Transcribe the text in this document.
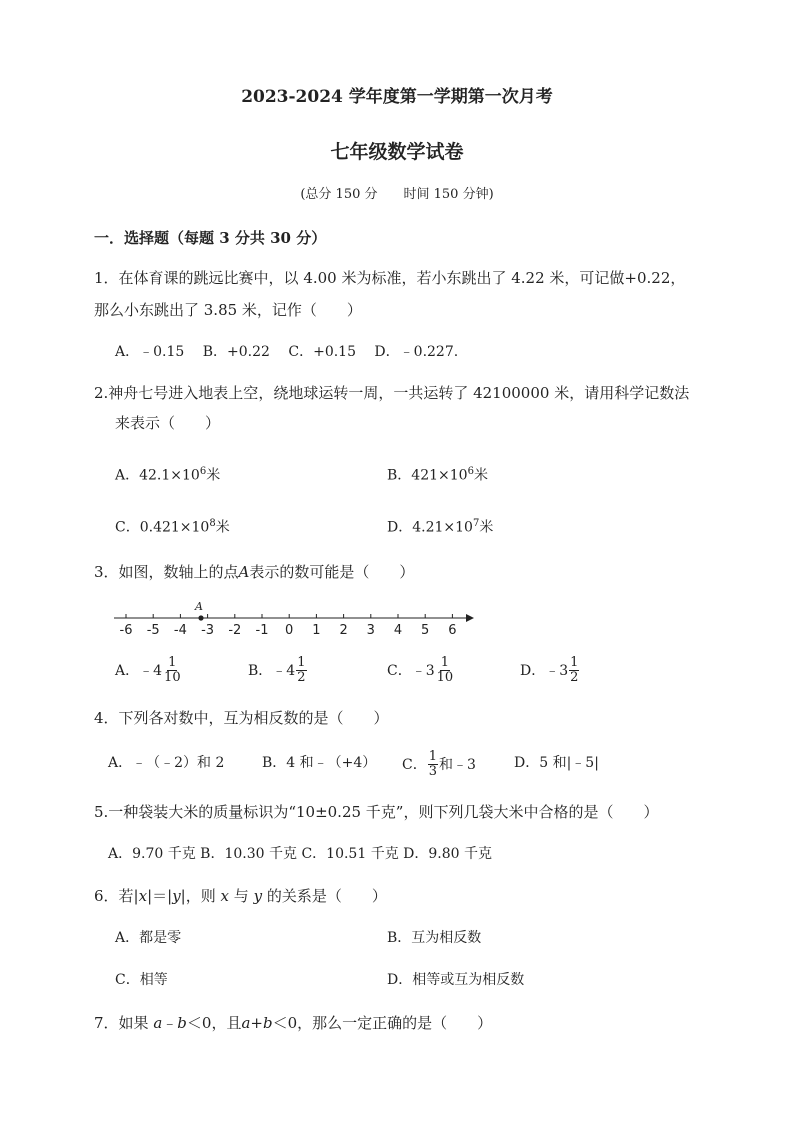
2023-2024 学年度第一学期第一次月考
七年级数学试卷
(总分 150 分   时间 150 分钟)
一．选择题（每题 3 分共 30 分）
1．在体育课的跳远比赛中，以 4.00 米为标准，若小东跳出了 4.22 米，可记做+0.22，
那么小东跳出了 3.85 米，记作（　　）
A．﹣0.15　 B．+0.22　 C．+0.15　 D．﹣0.227.
2.神舟七号进入地表上空，绕地球运转一周，一共运转了 42100000 米，请用科学记数法
来表示（　　）
A．$42.1\times 10^6$米	B．$421\times 10^6$米
C．$0.421\times 10^8$米	D．$4.21\times 10^7$米
3．如图，数轴上的点A表示的数可能是（　　）
-6 -5 -4 -3 -2 -1 0 1 2 3 4 5 6
A
A． ﹣4 $\frac{1}{10}$	B． ﹣4 $\frac{1}{2}$	C． ﹣3 $\frac{1}{10}$	D． ﹣3 $\frac{1}{2}$
4．下列各对数中，互为相反数的是（　　）
A．﹣（﹣2）和 2	B．4 和﹣（+4） C． $\frac{1}{3}$ 和﹣3	D．5 和|﹣5|
5.一种袋装大米的质量标识为“10±0.25 千克”，则下列几袋大米中合格的是（　　）
A．9.70 千克 B．10.30 千克 C．10.51 千克 D．9.80 千克
6．若|x|＝|y|，则 x 与 y 的关系是（　　）
A．都是零	B．互为相反数
C．相等	D．相等或互为相反数
7．如果 a﹣b＜0，且a+b＜0，那么一定正确的是（　　）
